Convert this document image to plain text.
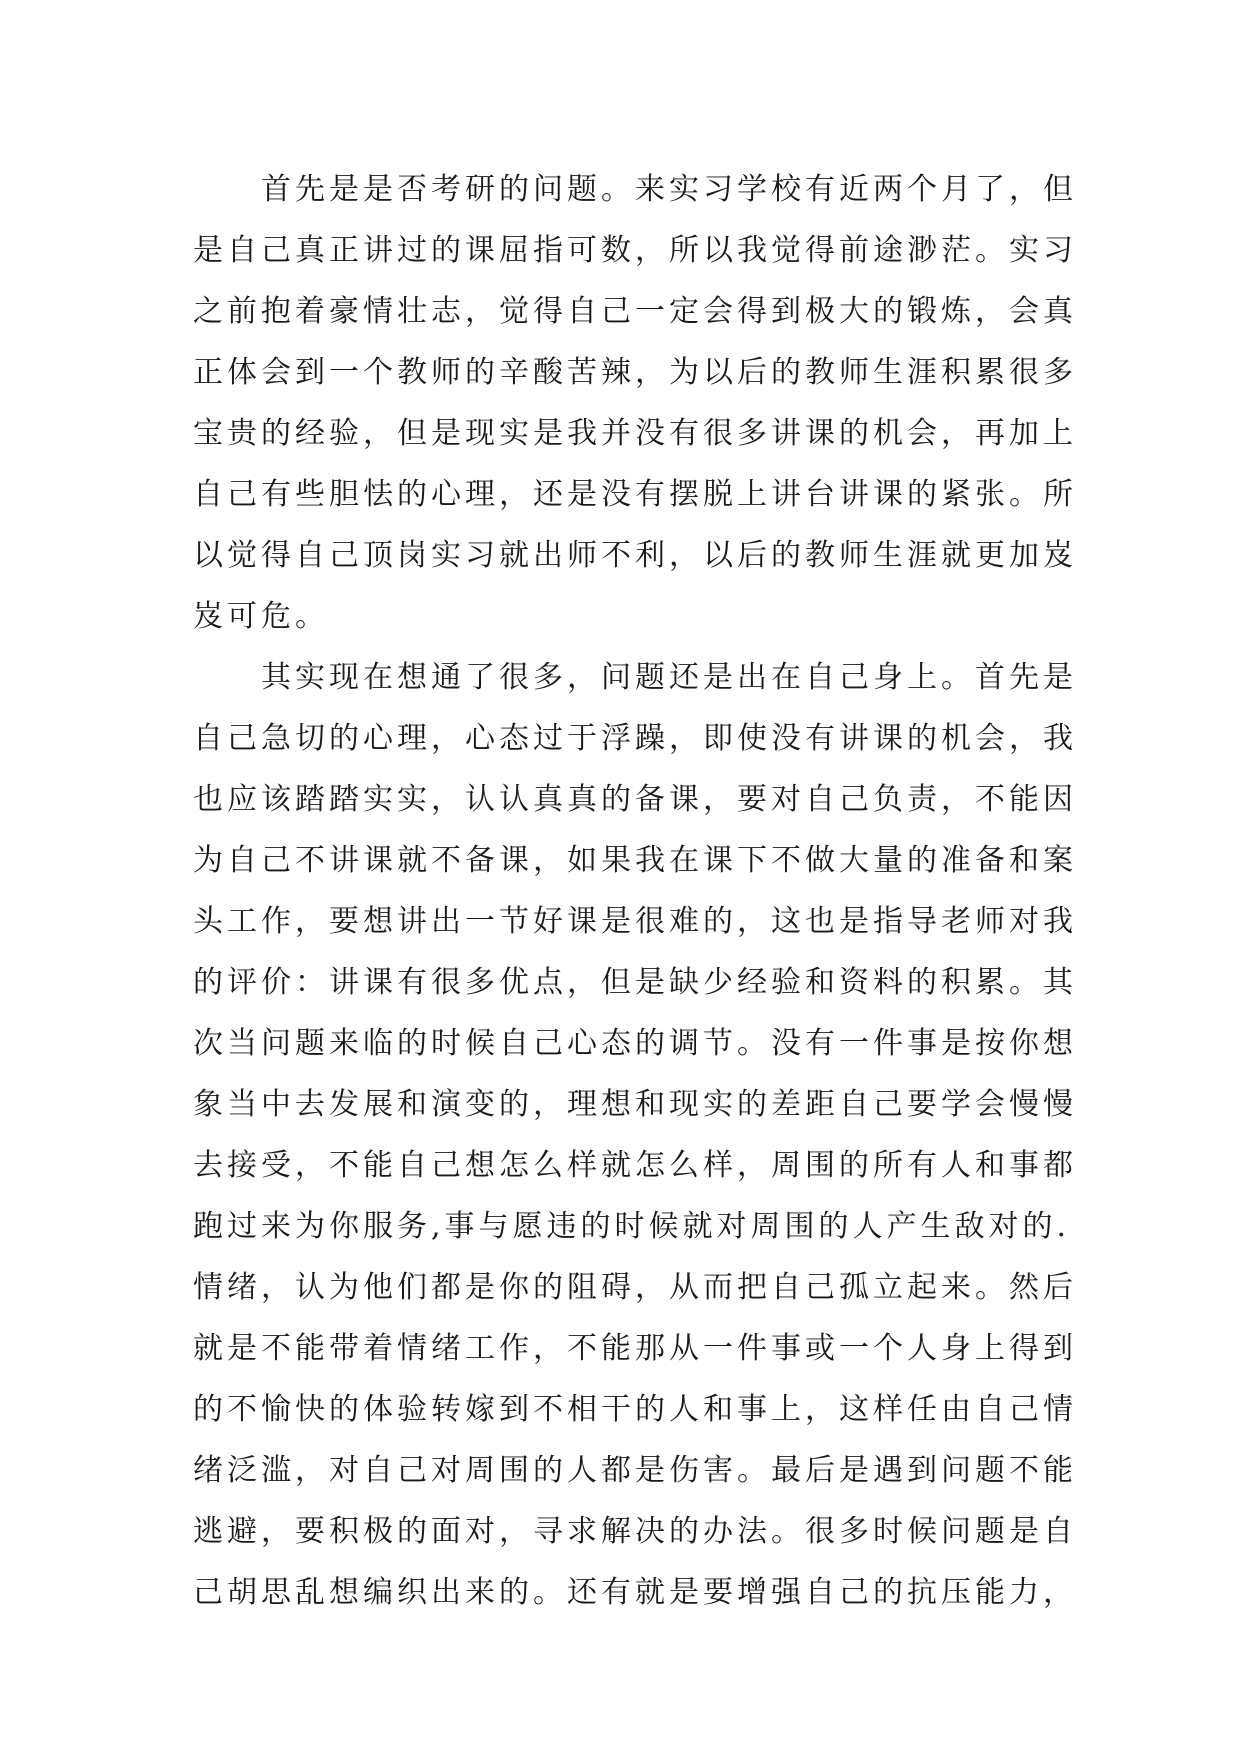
首先是是否考研的问题。来实习学校有近两个月了，但
是自己真正讲过的课屈指可数，所以我觉得前途渺茫。实习
之前抱着豪情壮志，觉得自己一定会得到极大的锻炼，会真
正体会到一个教师的辛酸苦辣，为以后的教师生涯积累很多
宝贵的经验，但是现实是我并没有很多讲课的机会，再加上
自己有些胆怯的心理，还是没有摆脱上讲台讲课的紧张。所
以觉得自己顶岗实习就出师不利，以后的教师生涯就更加岌
岌可危。
其实现在想通了很多，问题还是出在自己身上。首先是
自己急切的心理，心态过于浮躁，即使没有讲课的机会，我
也应该踏踏实实，认认真真的备课，要对自己负责，不能因
为自己不讲课就不备课，如果我在课下不做大量的准备和案
头工作，要想讲出一节好课是很难的，这也是指导老师对我
的评价：讲课有很多优点，但是缺少经验和资料的积累。其
次当问题来临的时候自己心态的调节。没有一件事是按你想
象当中去发展和演变的，理想和现实的差距自己要学会慢慢
去接受，不能自己想怎么样就怎么样，周围的所有人和事都
跑过来为你服务,事与愿违的时候就对周围的人产生敌对的.
情绪，认为他们都是你的阻碍，从而把自己孤立起来。然后
就是不能带着情绪工作，不能那从一件事或一个人身上得到
的不愉快的体验转嫁到不相干的人和事上，这样任由自己情
绪泛滥，对自己对周围的人都是伤害。最后是遇到问题不能
逃避，要积极的面对，寻求解决的办法。很多时候问题是自
己胡思乱想编织出来的。还有就是要增强自己的抗压能力，
